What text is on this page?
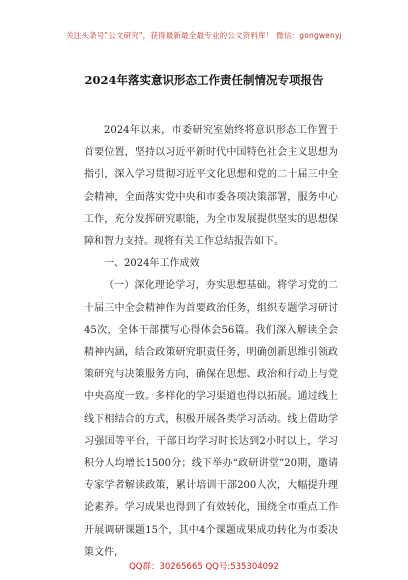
关注头条号"公文研究"，获得最新最全最专业的公文资料库！ 微信：gongwenyj
2024年落实意识形态工作责任制情况专项报告

2024年以来，市委研究室始终将意识形态工作置于首要位置，坚持以习近平新时代中国特色社会主义思想为指引，深入学习贯彻习近平文化思想和党的二十届三中全会精神，全面落实党中央和市委各项决策部署，服务中心工作，充分发挥研究职能，为全市发展提供坚实的思想保障和智力支持。现将有关工作总结报告如下。

一、2024年工作成效

（一）深化理论学习，夯实思想基础。将学习党的二十届三中全会精神作为首要政治任务，组织专题学习研讨45次，全体干部撰写心得体会56篇。我们深入解读全会精神内涵，结合政策研究职责任务，明确创新思维引领政策研究与决策服务方向，确保在思想、政治和行动上与党中央高度一致。多样化的学习渠道也得以拓展。通过线上线下相结合的方式，积极开展各类学习活动。线上借助学习强国等平台，干部日均学习时长达到2小时以上，学习积分人均增长1500分；线下举办“政研讲堂”20期，邀请专家学者解读政策，累计培训干部200人次，大幅提升理论素养。学习成果也得到了有效转化，围绕全市重点工作开展调研课题15个，其中4个课题成果成功转化为市委决策文件，

QQ群：30265665 QQ号:535304092
